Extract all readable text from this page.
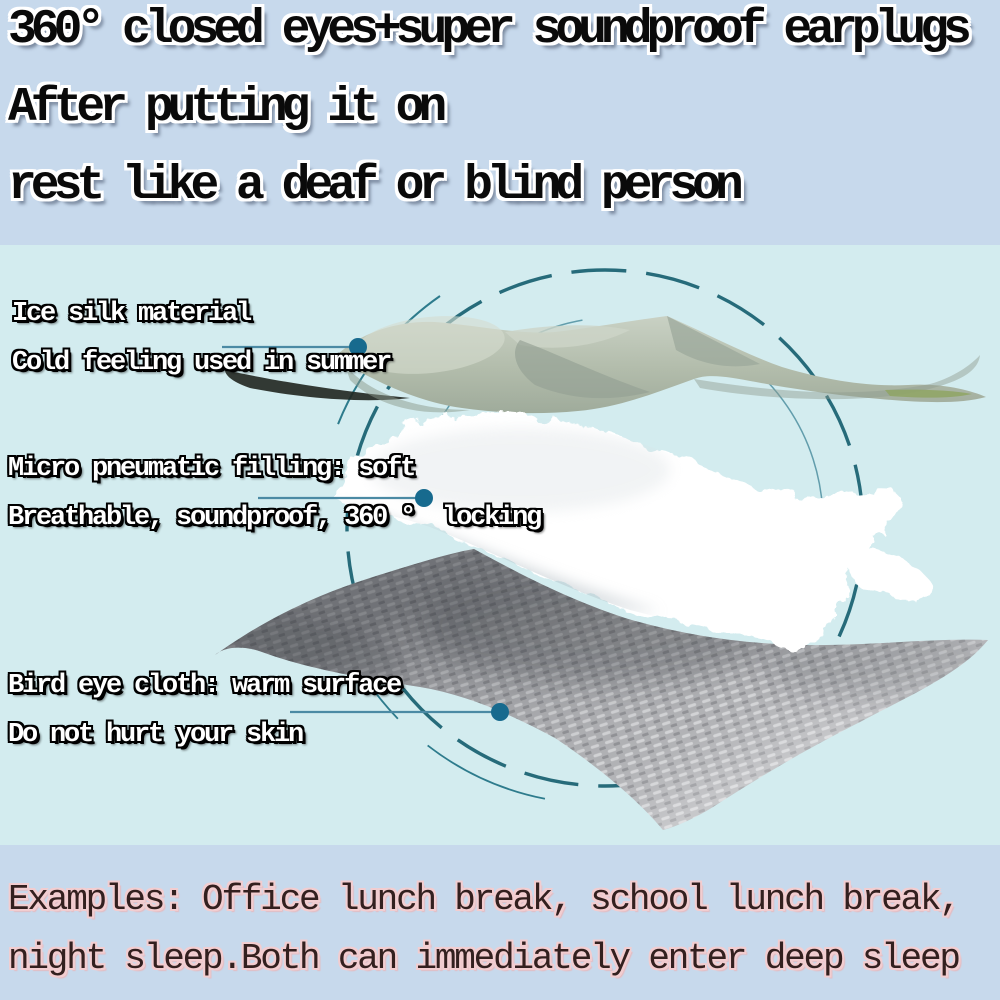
360° closed eyes+super soundproof earplugs
After putting it on
rest like a deaf or blind person
Ice silk material
Cold feeling used in summer
Micro pneumatic filling: soft
Breathable, soundproof, 360 °  locking
Bird eye cloth: warm surface
Do not hurt your skin
Examples: Office lunch break, school lunch break,
night sleep.Both can immediately enter deep sleep
